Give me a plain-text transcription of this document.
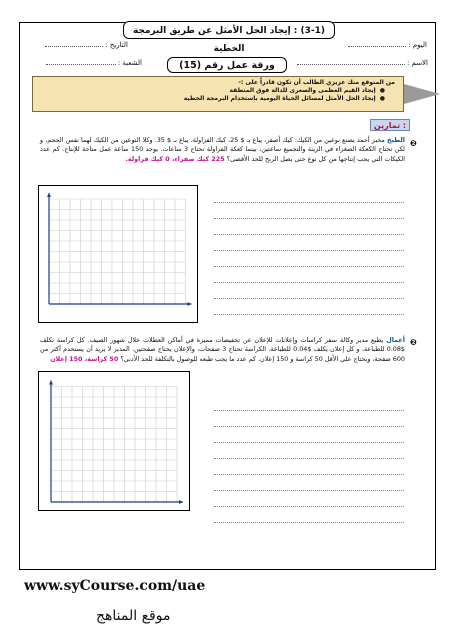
اليوم :
التاريخ :
الاسم :
الشعبة :
(3-1) : إيجاد الحل الأمثل عن طريق البرمجة الخطية
ورقة عمل رقم (15)
من المتوقع منك عزيزي الطالب أن تكون قادراً على :-
● إيجاد القيم العظمى والصغرى للدالة فوق المنطقة
● إيجاد الحل الأمثل لمسائل الحياة اليومية باستخدام البرمجة الخطية
تمارين :
❷
الطبخ مخبز أحمد يصنع نوعين من الكيك: كيك أصفر، يباع بـ $ 25، كيك الفراولة، يباع بـ $ 35. وكلا النوعين من الكيك لهما نفس الحجم، و لكن تحتاج الكعكة الصغراء في الزينة والتجميع ساعتين، بينما كعكة الفراولة تحتاج 3 ساعات. يوجد 150 ساعة عمل متاحة للإنتاج. كم عدد الكيكات التي يجب إنتاجها من كل نوع حتى يصل الربح للحد الأقصى؟ 225 كيك صفراء، 0 كيك فراولة.
❷
أعمال يطبع مدير وكالة سفر كراسات وإعلانات للإعلان عن تخفيضات مميزة في أماكن العطلات خلال شهور الصيف. كل كراسة تكلف $0.08 للطباعة، و كل إعلان يكلف $0.04 للطباعة. الكراسة تحتاج 3 صفحات، والإعلان يحتاج صفحتين. المدير لا يريد أن يستخدم أكثر من 600 صفحة، ويحتاج على الأقل 50 كراسة و 150 إعلان. كم عدد ما يجب طبعه للوصول بالتكلفة للحد الأدنى؟ 50 كراسة، 150 إعلان
www.syCourse.com/uae
موقع المناهج
